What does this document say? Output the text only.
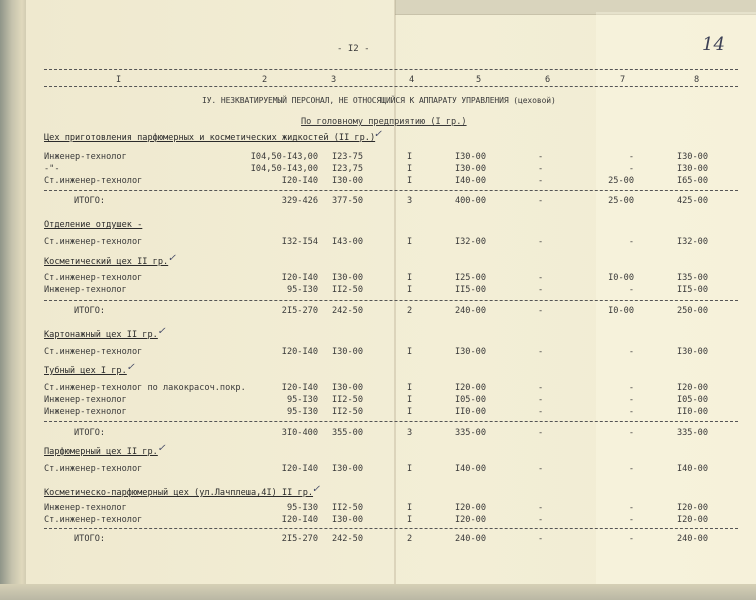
- I2 -	14
I	2	3	4	5	6	7	8
IУ. НЕЗКВАТИРУЕМЫЙ ПЕРСОНАЛ, НЕ ОТНОСЯЩИЙСЯ К АППАРАТУ УПРАВЛЕНИЯ (цеховой)
По головному предприятию (I гр.)
Цех приготовления парфюмерных и косметических жидкостей (II гр.)
✓
Инженер-технолог	I04,50-I43,00	I23-75	I	I30-00	-	-	I30-00
-"-	I04,50-I43,00	I23,75	I	I30-00	-	-	I30-00
Ст.инженер-технолог	I20-I40	I30-00	I	I40-00	-	25-00	I65-00
ИТОГО:	329-426	377-50	3	400-00	-	25-00	425-00
Отделение отдушек -
Ст.инженер-технолог	I32-I54	I43-00	I	I32-00	-	-	I32-00
Косметический цех II гр. ✓
Ст.инженер-технолог	I20-I40	I30-00	I	I25-00	-	I0-00	I35-00
Инженер-технолог	95-I30	II2-50	I	II5-00	-	-	II5-00
ИТОГО:	2I5-270	242-50	2	240-00	-	I0-00	250-00
Картонажный цех II гр. ✓
Ст.инженер-технолог	I20-I40	I30-00	I	I30-00	-	-	I30-00
Тубный цех I гр. ✓
Ст.инженер-технолог по лакокрасоч.покр.	I20-I40	I30-00	I	I20-00	-	-	I20-00
Инженер-технолог	95-I30	II2-50	I	I05-00	-	-	I05-00
Инженер-технолог	95-I30	II2-50	I	II0-00	-	-	II0-00
ИТОГО:	3I0-400	355-00	3	335-00	-	-	335-00
Парфюмерный цех II гр. ✓
Ст.инженер-технолог	I20-I40	I30-00	I	I40-00	-	-	I40-00
Косметическо-парфюмерный цех (ул.Лачплеша,4I) II гр.
✓
Инженер-технолог	95-I30	II2-50	I	I20-00	-	-	I20-00
Ст.инженер-технолог	I20-I40	I30-00	I	I20-00	-	-	I20-00
ИТОГО:	2I5-270	242-50	2	240-00	-	-	240-00
